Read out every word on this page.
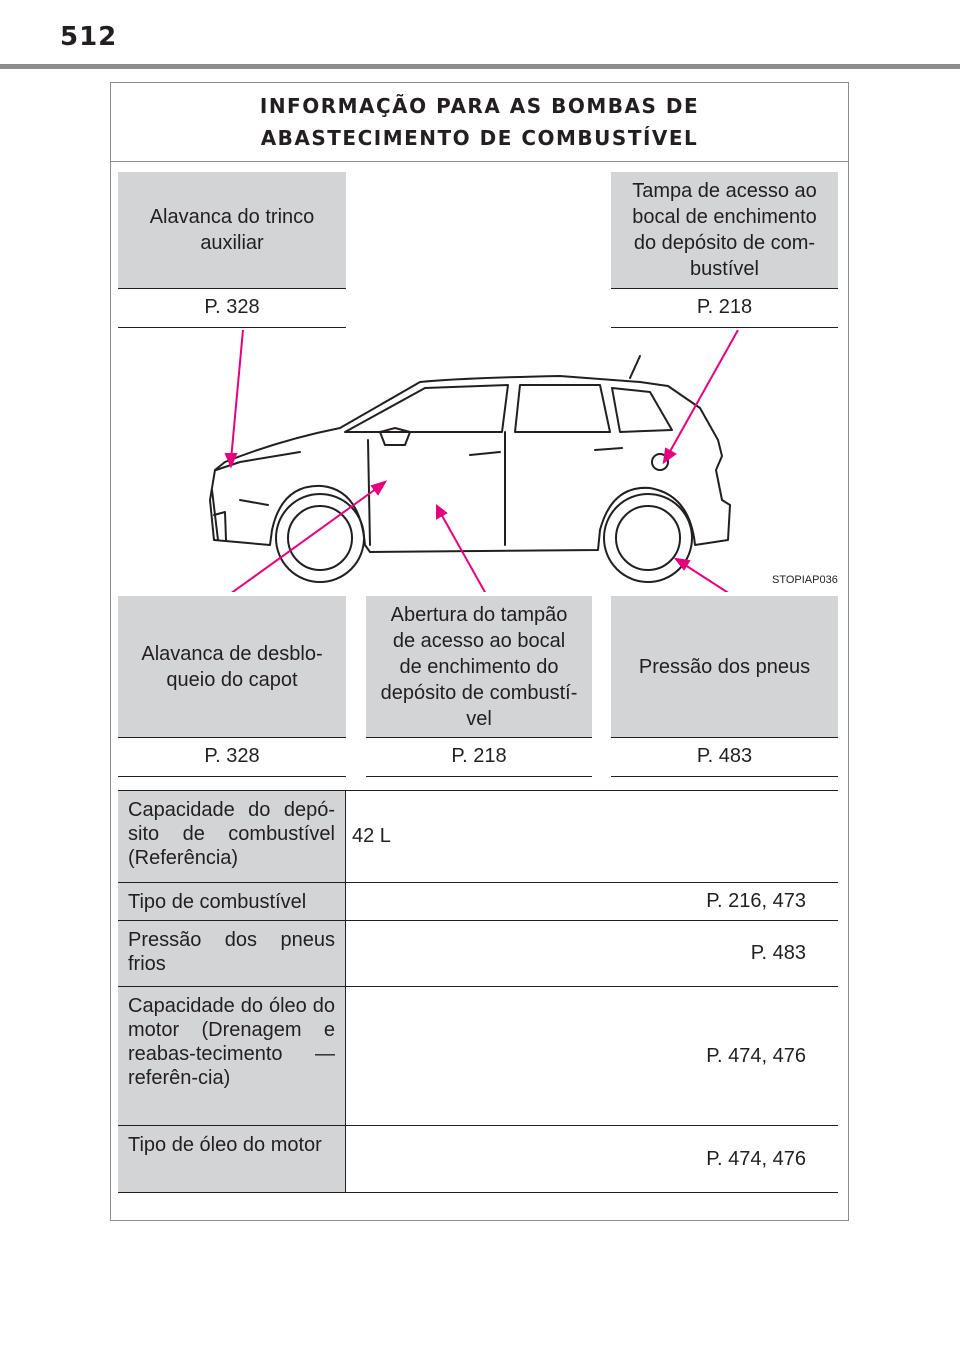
512
INFORMAÇÃO PARA AS BOMBAS DE
ABASTECIMENTO DE COMBUSTÍVEL
Alavanca do trinco
auxiliar
P. 328
Tampa de acesso ao
bocal de enchimento
do depósito de com-
bustível
P. 218
STOPIAP036
Alavanca de desblo-
queio do capot
P. 328
Abertura do tampão
de acesso ao bocal
de enchimento do
depósito de combustí-
vel
P. 218
Pressão dos pneus
P. 483
Capacidade do depó-sito de combustível (Referência)
42 L
Tipo de combustível	P. 216, 473
Pressão dos pneus frios	P. 483
Capacidade do óleo do motor (Drenagem e reabas-tecimento — referên-cia)
P. 474, 476
Tipo de óleo do motor
P. 474, 476
